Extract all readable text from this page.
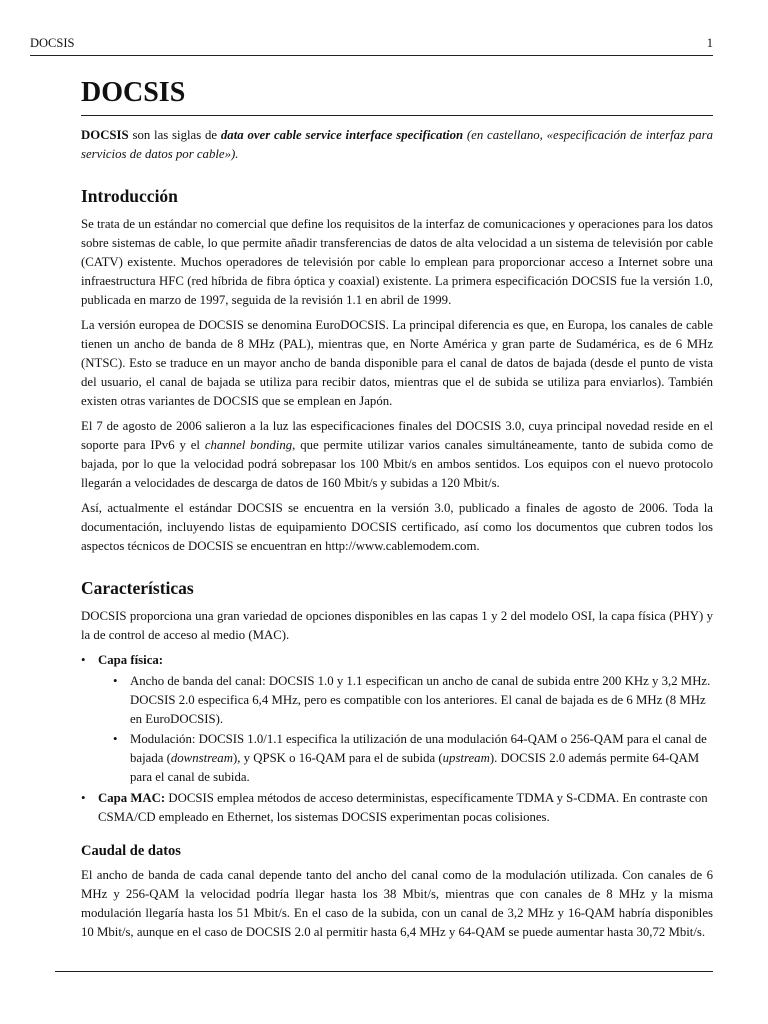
DOCSIS	1
DOCSIS

DOCSIS son las siglas de data over cable service interface specification (en castellano, «especificación de interfaz para servicios de datos por cable»).

Introducción

Se trata de un estándar no comercial que define los requisitos de la interfaz de comunicaciones y operaciones para los datos sobre sistemas de cable, lo que permite añadir transferencias de datos de alta velocidad a un sistema de televisión por cable (CATV) existente. Muchos operadores de televisión por cable lo emplean para proporcionar acceso a Internet sobre una infraestructura HFC (red híbrida de fibra óptica y coaxial) existente. La primera especificación DOCSIS fue la versión 1.0, publicada en marzo de 1997, seguida de la revisión 1.1 en abril de 1999.

La versión europea de DOCSIS se denomina EuroDOCSIS. La principal diferencia es que, en Europa, los canales de cable tienen un ancho de banda de 8 MHz (PAL), mientras que, en Norte América y gran parte de Sudamérica, es de 6 MHz (NTSC). Esto se traduce en un mayor ancho de banda disponible para el canal de datos de bajada (desde el punto de vista del usuario, el canal de bajada se utiliza para recibir datos, mientras que el de subida se utiliza para enviarlos). También existen otras variantes de DOCSIS que se emplean en Japón.

El 7 de agosto de 2006 salieron a la luz las especificaciones finales del DOCSIS 3.0, cuya principal novedad reside en el soporte para IPv6 y el channel bonding, que permite utilizar varios canales simultáneamente, tanto de subida como de bajada, por lo que la velocidad podrá sobrepasar los 100 Mbit/s en ambos sentidos. Los equipos con el nuevo protocolo llegarán a velocidades de descarga de datos de 160 Mbit/s y subidas a 120 Mbit/s.

Así, actualmente el estándar DOCSIS se encuentra en la versión 3.0, publicado a finales de agosto de 2006. Toda la documentación, incluyendo listas de equipamiento DOCSIS certificado, así como los documentos que cubren todos los aspectos técnicos de DOCSIS se encuentran en http://www.cablemodem.com.

Características

DOCSIS proporciona una gran variedad de opciones disponibles en las capas 1 y 2 del modelo OSI, la capa física (PHY) y la de control de acceso al medio (MAC).

• Capa física:
• Ancho de banda del canal: DOCSIS 1.0 y 1.1 especifican un ancho de canal de subida entre 200 KHz y 3,2 MHz. DOCSIS 2.0 especifica 6,4 MHz, pero es compatible con los anteriores. El canal de bajada es de 6 MHz (8 MHz en EuroDOCSIS).
• Modulación: DOCSIS 1.0/1.1 especifica la utilización de una modulación 64-QAM o 256-QAM para el canal de bajada (downstream), y QPSK o 16-QAM para el de subida (upstream). DOCSIS 2.0 además permite 64-QAM para el canal de subida.
• Capa MAC: DOCSIS emplea métodos de acceso deterministas, específicamente TDMA y S-CDMA. En contraste con CSMA/CD empleado en Ethernet, los sistemas DOCSIS experimentan pocas colisiones.
Caudal de datos

El ancho de banda de cada canal depende tanto del ancho del canal como de la modulación utilizada. Con canales de 6 MHz y 256-QAM la velocidad podría llegar hasta los 38 Mbit/s, mientras que con canales de 8 MHz y la misma modulación llegaría hasta los 51 Mbit/s. En el caso de la subida, con un canal de 3,2 MHz y 16-QAM habría disponibles 10 Mbit/s, aunque en el caso de DOCSIS 2.0 al permitir hasta 6,4 MHz y 64-QAM se puede aumentar hasta 30,72 Mbit/s.
